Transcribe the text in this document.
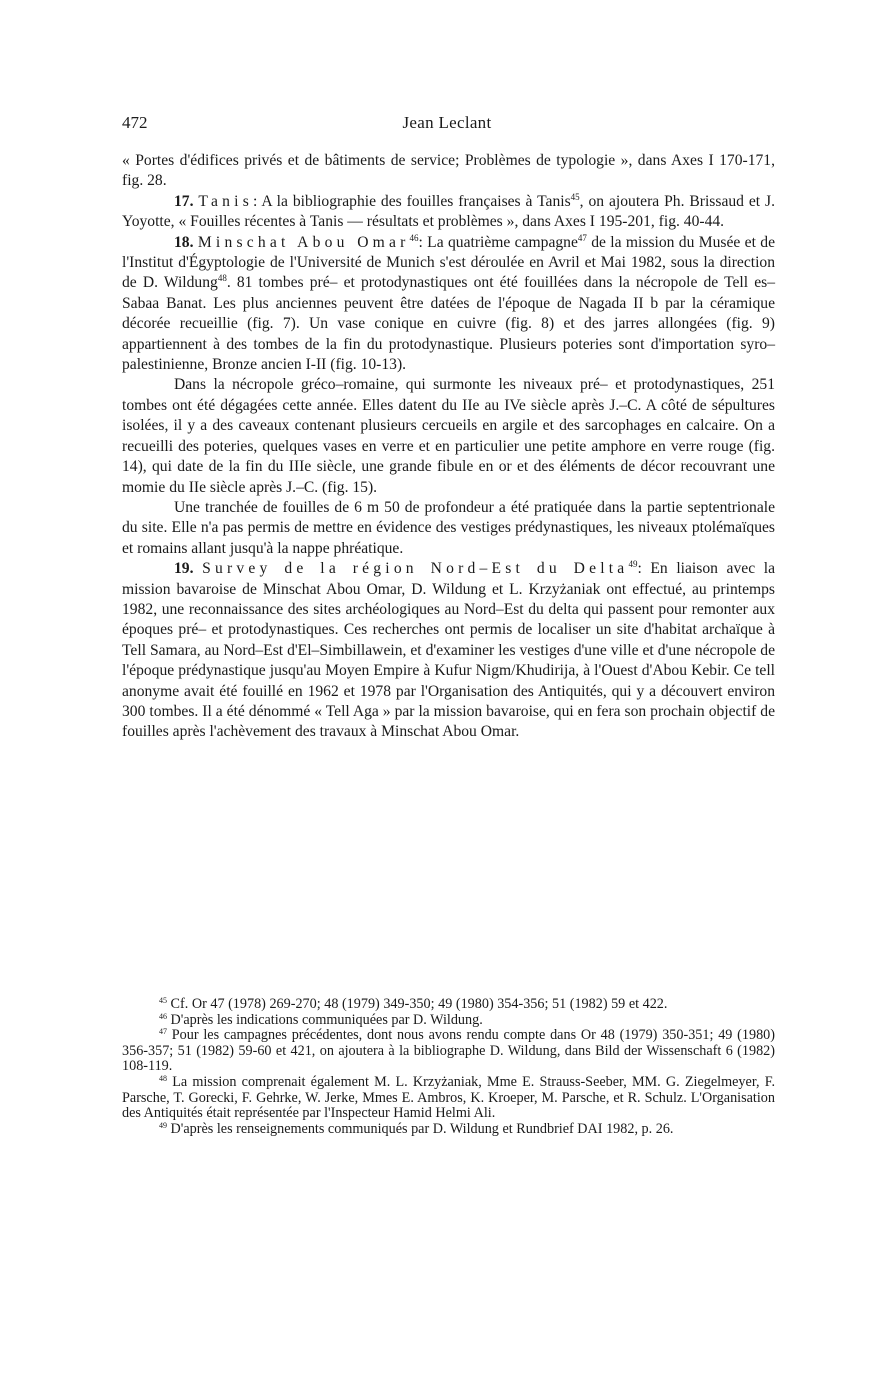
472	Jean Leclant

« Portes d'édifices privés et de bâtiments de service; Problèmes de typologie », dans Axes I 170-171, fig. 28.

17. Tanis: A la bibliographie des fouilles françaises à Tanis$^{45}$, on ajoutera Ph. Brissaud et J. Yoyotte, « Fouilles récentes à Tanis — résultats et problèmes », dans Axes I 195-201, fig. 40-44.

18. Minschat Abou Omar$^{46}$: La quatrième campagne$^{47}$ de la mission du Musée et de l'Institut d'Égyptologie de l'Université de Munich s'est déroulée en Avril et Mai 1982, sous la direction de D. Wildung$^{48}$. 81 tombes pré– et protodynastiques ont été fouillées dans la nécropole de Tell es–Sabaa Banat. Les plus anciennes peuvent être datées de l'époque de Nagada II b par la céramique décorée recueillie (fig. 7). Un vase conique en cuivre (fig. 8) et des jarres allongées (fig. 9) appartiennent à des tombes de la fin du protodynastique. Plusieurs poteries sont d'importation syro–palestinienne, Bronze ancien I-II (fig. 10-13).

Dans la nécropole gréco–romaine, qui surmonte les niveaux pré– et protodynastiques, 251 tombes ont été dégagées cette année. Elles datent du IIe au IVe siècle après J.–C. A côté de sépultures isolées, il y a des caveaux contenant plusieurs cercueils en argile et des sarcophages en calcaire. On a recueilli des poteries, quelques vases en verre et en particulier une petite amphore en verre rouge (fig. 14), qui date de la fin du IIIe siècle, une grande fibule en or et des éléments de décor recouvrant une momie du IIe siècle après J.–C. (fig. 15).

Une tranchée de fouilles de 6 m 50 de profondeur a été pratiquée dans la partie septentrionale du site. Elle n'a pas permis de mettre en évidence des vestiges prédynastiques, les niveaux ptolémaïques et romains allant jusqu'à la nappe phréatique.

19. Survey de la région Nord–Est du Delta$^{49}$: En liaison avec la mission bavaroise de Minschat Abou Omar, D. Wildung et L. Krzyżaniak ont effectué, au printemps 1982, une reconnaissance des sites archéologiques au Nord–Est du delta qui passent pour remonter aux époques pré– et protodynastiques. Ces recherches ont permis de localiser un site d'habitat archaïque à Tell Samara, au Nord–Est d'El–Simbillawein, et d'examiner les vestiges d'une ville et d'une nécropole de l'époque prédynastique jusqu'au Moyen Empire à Kufur Nigm/Khudirija, à l'Ouest d'Abou Kebir. Ce tell anonyme avait été fouillé en 1962 et 1978 par l'Organisation des Antiquités, qui y a découvert environ 300 tombes. Il a été dénommé « Tell Aga » par la mission bavaroise, qui en fera son prochain objectif de fouilles après l'achèvement des travaux à Minschat Abou Omar.

$^{45}$ Cf. Or 47 (1978) 269-270; 48 (1979) 349-350; 49 (1980) 354-356; 51 (1982) 59 et 422.

$^{46}$ D'après les indications communiquées par D. Wildung.

$^{47}$ Pour les campagnes précédentes, dont nous avons rendu compte dans Or 48 (1979) 350-351; 49 (1980) 356-357; 51 (1982) 59-60 et 421, on ajoutera à la bibliographe D. Wildung, dans Bild der Wissenschaft 6 (1982) 108-119.

$^{48}$ La mission comprenait également M. L. Krzyżaniak, Mme E. Strauss-Seeber, MM. G. Ziegelmeyer, F. Parsche, T. Gorecki, F. Gehrke, W. Jerke, Mmes E. Ambros, K. Kroeper, M. Parsche, et R. Schulz. L'Organisation des Antiquités était représentée par l'Inspecteur Hamid Helmi Ali.

$^{49}$ D'après les renseignements communiqués par D. Wildung et Rundbrief DAI 1982, p. 26.
